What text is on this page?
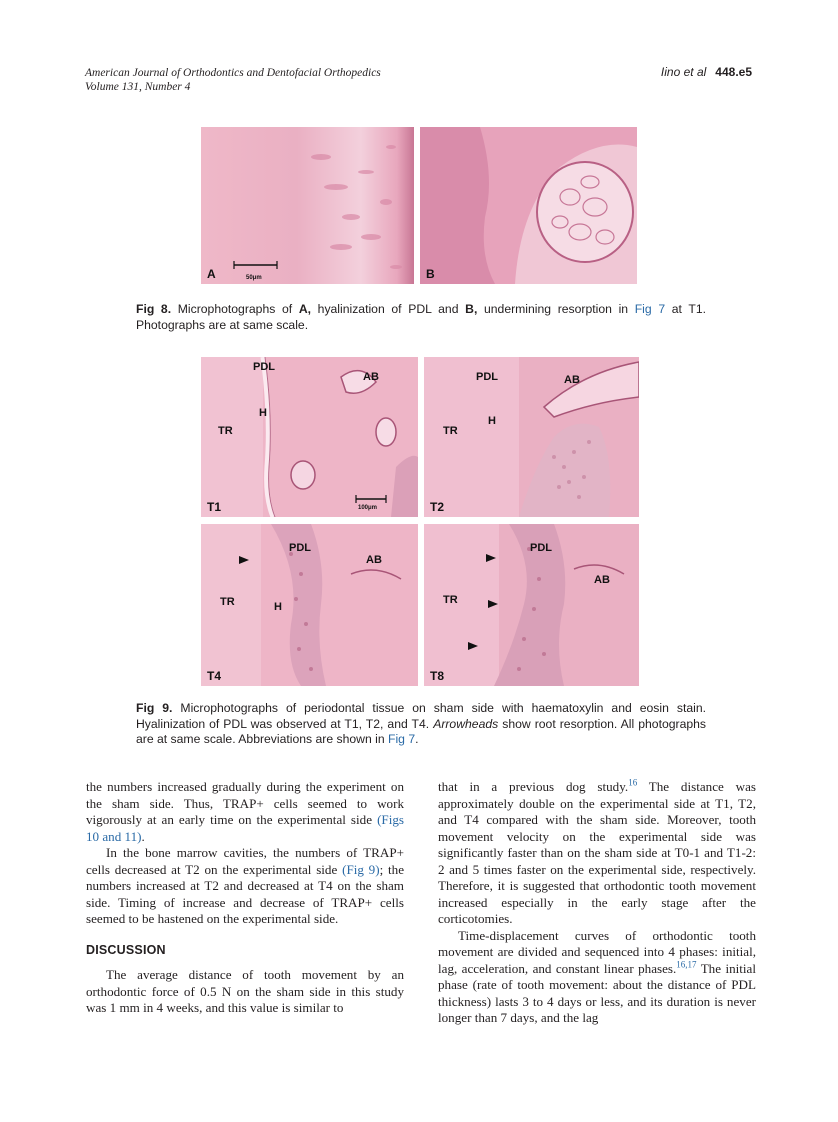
American Journal of Orthodontics and Dentofacial Orthopedics
Volume 131, Number 4
Iino et al 448.e5
50μm
A	B
Fig 8. Microphotographs of A, hyalinization of PDL and B, undermining resorption in Fig 7 at T1. Photographs are at same scale.
PDL
AB
H
TR
100μm
T1
PDL	AB
H
TR
T2
PDL
AB
H
TR
T4
PDL
AB
TR
T8
Fig 9. Microphotographs of periodontal tissue on sham side with haematoxylin and eosin stain. Hyalinization of PDL was observed at T1, T2, and T4. Arrowheads show root resorption. All photographs are at same scale. Abbreviations are shown in Fig 7.

the numbers increased gradually during the experiment on the sham side. Thus, TRAP+ cells seemed to work vigorously at an early time on the experimental side (Figs 10 and 11).

In the bone marrow cavities, the numbers of TRAP+ cells decreased at T2 on the experimental side (Fig 9); the numbers increased at T2 and decreased at T4 on the sham side. Timing of increase and decrease of TRAP+ cells seemed to be hastened on the experimental side.

DISCUSSION

The average distance of tooth movement by an orthodontic force of 0.5 N on the sham side in this study was 1 mm in 4 weeks, and this value is similar to

that in a previous dog study.$^{16}$ The distance was approximately double on the experimental side at T1, T2, and T4 compared with the sham side. Moreover, tooth movement velocity on the experimental side was significantly faster than on the sham side at T0-1 and T1-2: 2 and 5 times faster on the experimental side, respectively. Therefore, it is suggested that orthodontic tooth movement increased especially in the early stage after the corticotomies.

Time-displacement curves of orthodontic tooth movement are divided and sequenced into 4 phases: initial, lag, acceleration, and constant linear phases.$^{16,17}$ The initial phase (rate of tooth movement: about the distance of PDL thickness) lasts 3 to 4 days or less, and its duration is never longer than 7 days, and the lag
